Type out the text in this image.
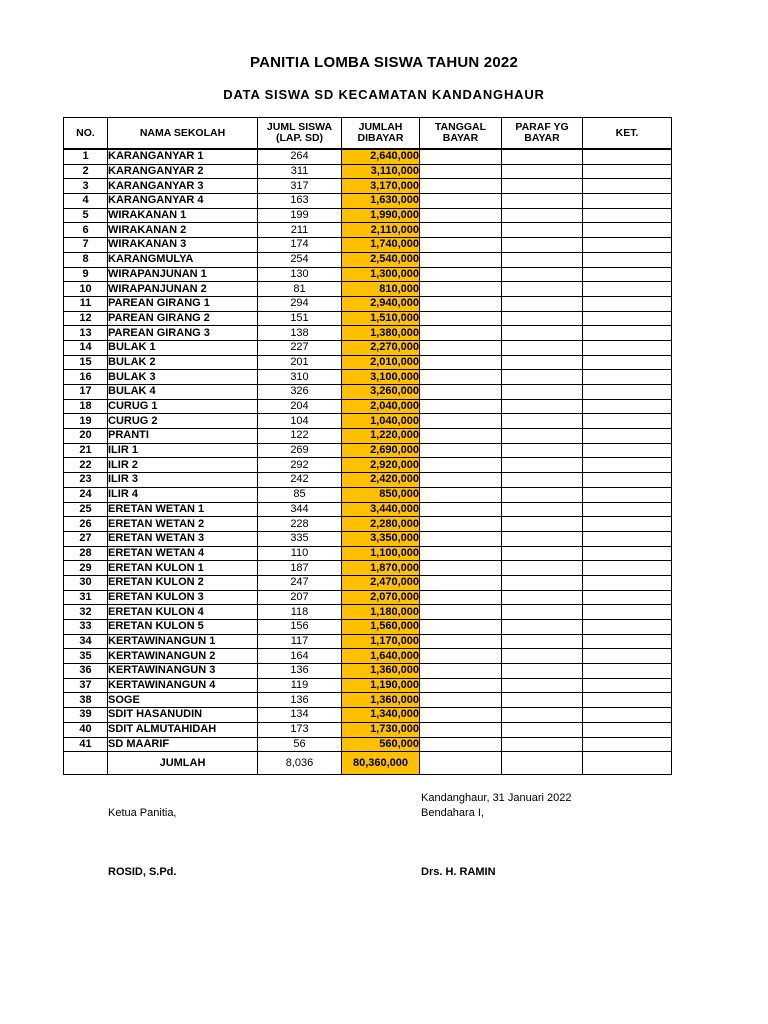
PANITIA LOMBA SISWA TAHUN 2022
DATA SISWA SD KECAMATAN KANDANGHAUR
NO.	NAMA SEKOLAH	JUML SISWA (LAP. SD)	JUMLAH DIBAYAR	TANGGAL BAYAR	PARAF YG BAYAR	KET.
1	KARANGANYAR 1	264	2,640,000			
2	KARANGANYAR 2	311	3,110,000			
3	KARANGANYAR 3	317	3,170,000			
4	KARANGANYAR 4	163	1,630,000			
5	WIRAKANAN 1	199	1,990,000			
6	WIRAKANAN 2	211	2,110,000			
7	WIRAKANAN 3	174	1,740,000			
8	KARANGMULYA	254	2,540,000			
9	WIRAPANJUNAN 1	130	1,300,000			
10	WIRAPANJUNAN 2	81	810,000			
11	PAREAN GIRANG 1	294	2,940,000			
12	PAREAN GIRANG 2	151	1,510,000			
13	PAREAN GIRANG 3	138	1,380,000			
14	BULAK 1	227	2,270,000			
15	BULAK 2	201	2,010,000			
16	BULAK 3	310	3,100,000			
17	BULAK 4	326	3,260,000			
18	CURUG 1	204	2,040,000			
19	CURUG 2	104	1,040,000			
20	PRANTI	122	1,220,000			
21	ILIR 1	269	2,690,000			
22	ILIR 2	292	2,920,000			
23	ILIR 3	242	2,420,000			
24	ILIR 4	85	850,000			
25	ERETAN WETAN 1	344	3,440,000			
26	ERETAN WETAN 2	228	2,280,000			
27	ERETAN WETAN 3	335	3,350,000			
28	ERETAN WETAN 4	110	1,100,000			
29	ERETAN KULON 1	187	1,870,000			
30	ERETAN KULON 2	247	2,470,000			
31	ERETAN KULON 3	207	2,070,000			
32	ERETAN KULON 4	118	1,180,000			
33	ERETAN KULON 5	156	1,560,000			
34	KERTAWINANGUN 1	117	1,170,000			
35	KERTAWINANGUN 2	164	1,640,000			
36	KERTAWINANGUN 3	136	1,360,000			
37	KERTAWINANGUN 4	119	1,190,000			
38	SOGE	136	1,360,000			
39	SDIT HASANUDIN	134	1,340,000			
40	SDIT ALMUTAHIDAH	173	1,730,000			
41	SD MAARIF	56	560,000			
	JUMLAH	8,036	80,360,000			
Kandanghaur, 31 Januari 2022
Ketua Panitia,	Bendahara I,
ROSID, S.Pd.	Drs. H. RAMIN
